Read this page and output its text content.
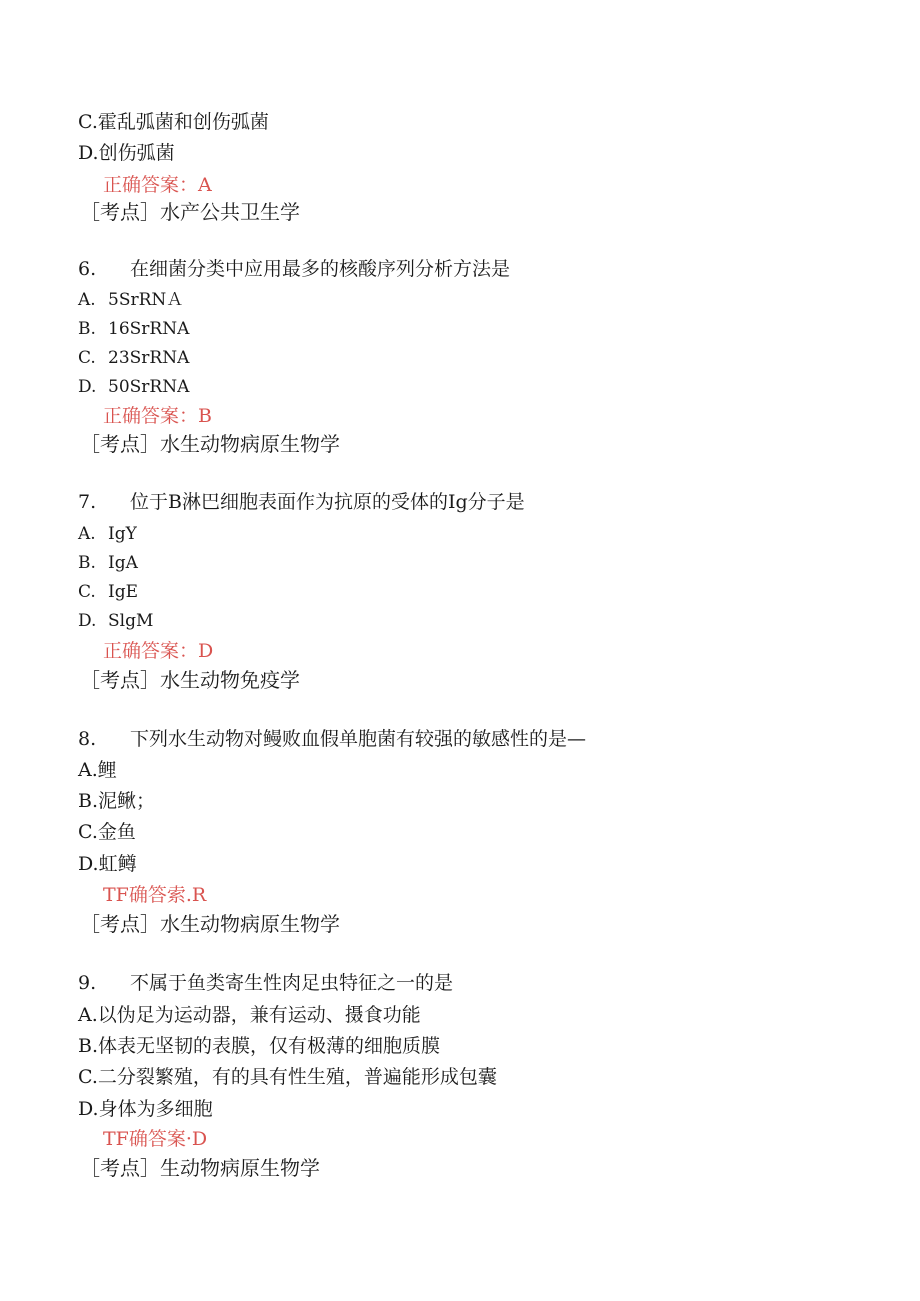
C.霍乱弧菌和创伤弧菌
D.创伤弧菌
正确答案：A
［考点］水产公共卫生学
6. 在细菌分类中应用最多的核酸序列分析方法是
A. 5SrRNＡ
B. 16SrRNA
C. 23SrRNA
D. 50SrRNA
正确答案：B
［考点］水生动物病原生物学
7. 位于B淋巴细胞表面作为抗原的受体的Ig分子是
A. IgY
B. IgA
C. IgE
D. SlgM
正确答案：D
［考点］水生动物免疫学
8. 下列水生动物对鳗败血假单胞菌有较强的敏感性的是—
A.鲤
B.泥鳅；
C.金鱼
D.虹鳟
TF确答索.R
［考点］水生动物病原生物学
9. 不属于鱼类寄生性肉足虫特征之一的是
A.以伪足为运动器，兼有运动、摄食功能
B.体表无坚韧的表膜，仅有极薄的细胞质膜
C.二分裂繁殖，有的具有性生殖，普遍能形成包囊
D.身体为多细胞
TF确答案·D
［考点］生动物病原生物学
